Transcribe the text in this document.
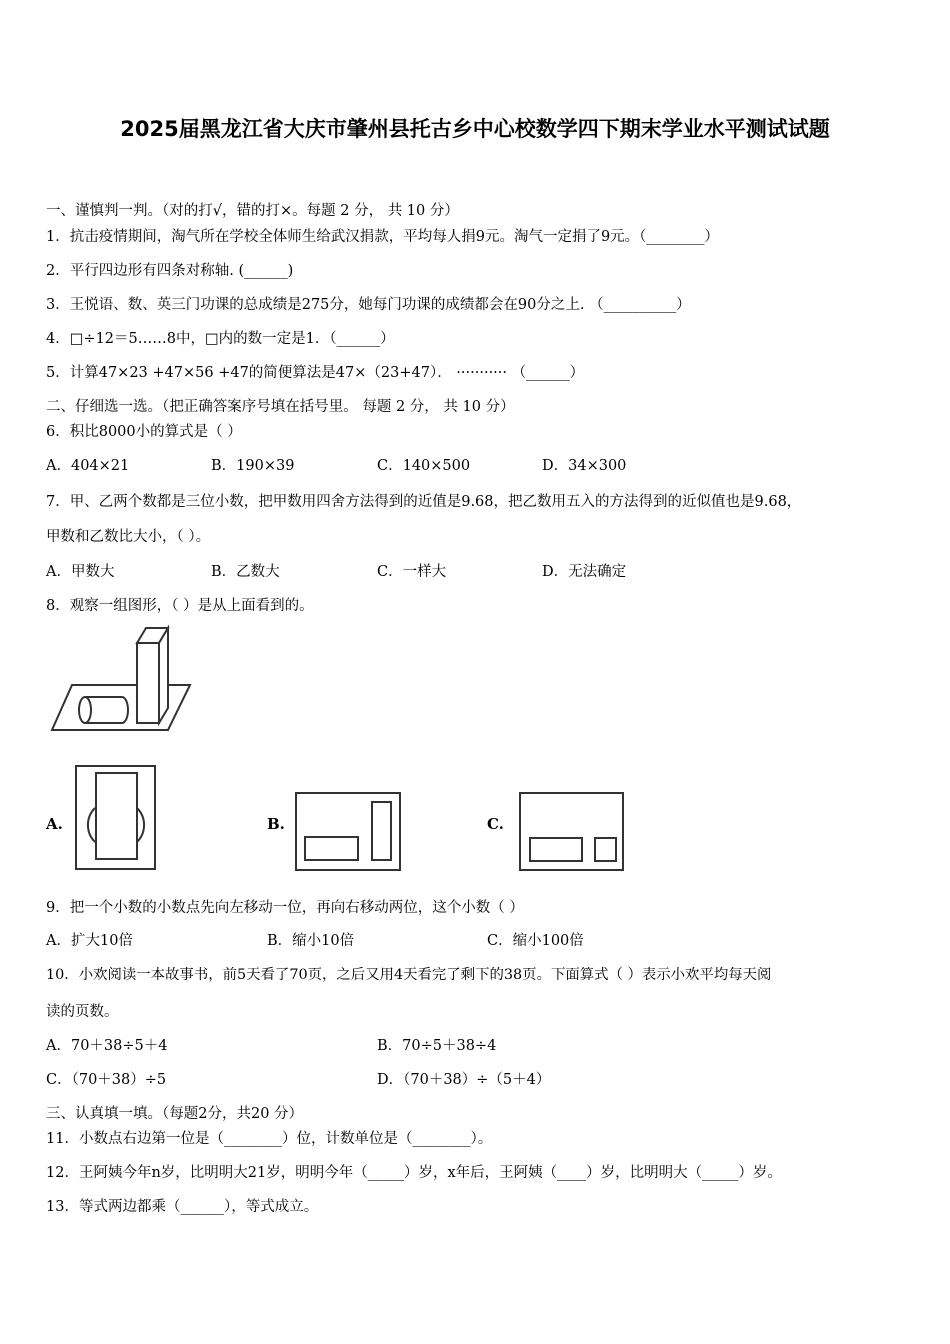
2025届黑龙江省大庆市肇州县托古乡中心校数学四下期末学业水平测试试题
一、谨慎判一判。（对的打√，错的打×。每题 2 分， 共 10 分）
1．抗击疫情期间，淘气所在学校全体师生给武汉捐款，平均每人捐9元。淘气一定捐了9元。（________）
2．平行四边形有四条对称轴. (______)
3．王悦语、数、英三门功课的总成绩是275分，她每门功课的成绩都会在90分之上. （__________）
4．□÷12＝5……8中，□内的数一定是1．（______）
5．计算47×23 +47×56 +47的简便算法是47×（23+47）． ··········· （______）
二、仔细选一选。（把正确答案序号填在括号里。 每题 2 分， 共 10 分）
6．积比8000小的算式是（ ）
A．404×21	B．190×39	C．140×500	D．34×300
7．甲、乙两个数都是三位小数，把甲数用四舍方法得到的近值是9.68，把乙数用五入的方法得到的近似值也是9.68，
甲数和乙数比大小，（ ）。
A．甲数大	B．乙数大	C．一样大	D．无法确定
8．观察一组图形，（ ）是从上面看到的。
A.	B.	C.
9．把一个小数的小数点先向左移动一位，再向右移动两位，这个小数（ ）
A．扩大10倍	B．缩小10倍	C．缩小100倍
10．小欢阅读一本故事书，前5天看了70页，之后又用4天看完了剩下的38页。下面算式（ ）表示小欢平均每天阅
读的页数。
A．70＋38÷5＋4	B．70÷5＋38÷4
C．（70＋38）÷5	D．（70＋38）÷（5＋4）
三、认真填一填。（每题2分，共20 分）
11．小数点右边第一位是（________）位，计数单位是（________）。
12．王阿姨今年n岁，比明明大21岁，明明今年（_____）岁，x年后，王阿姨（____）岁，比明明大（_____）岁。
13．等式两边都乘（______），等式成立。
